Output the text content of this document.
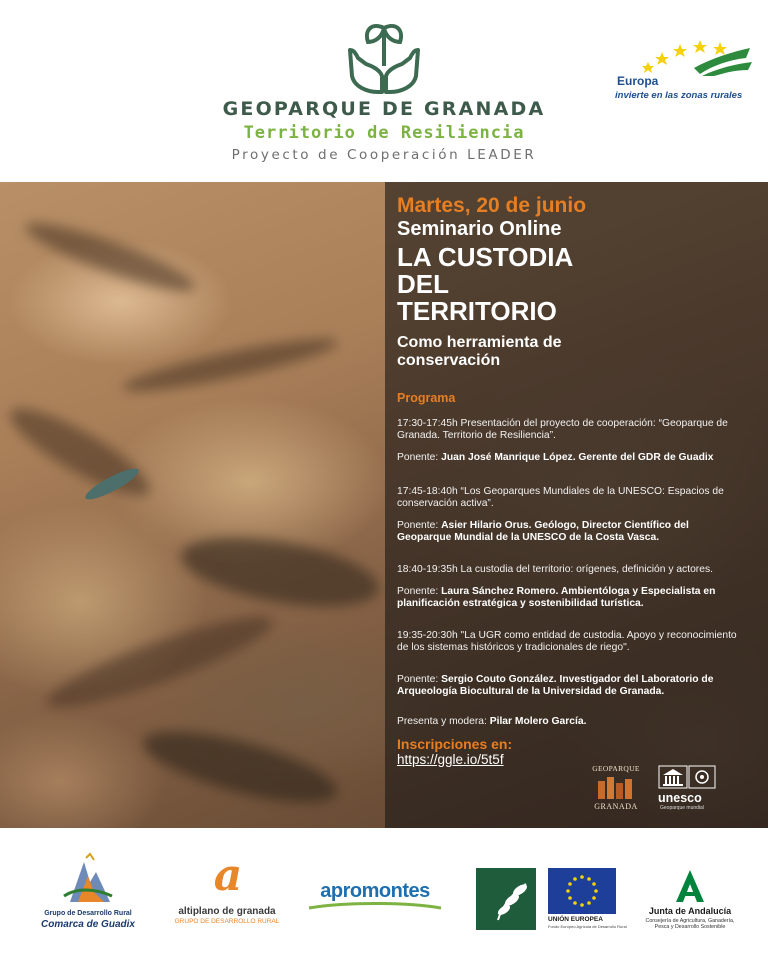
GEOPARQUE DE GRANADA
Territorio de Resiliencia
Proyecto de Cooperación LEADER
Europa
invierte en las zonas rurales
Martes, 20 de junio
Seminario Online
LA CUSTODIA
DEL
TERRITORIO
Como herramienta de conservación
Programa
17:30-17:45h Presentación del proyecto de cooperación: “Geoparque de Granada. Territorio de Resiliencia”.
Ponente: Juan José Manrique López. Gerente del GDR de Guadix
17:45-18:40h “Los Geoparques Mundiales de la UNESCO: Espacios de conservación activa”.
Ponente: Asier Hilario Orus. Geólogo, Director Científico del Geoparque Mundial de la UNESCO de la Costa Vasca.
18:40-19:35h La custodia del territorio: orígenes, definición y actores.
Ponente: Laura Sánchez Romero. Ambientóloga y Especialista en planificación estratégica y sostenibilidad turística.
19:35-20:30h "La UGR como entidad de custodia. Apoyo y reconocimiento de los sistemas históricos y tradicionales de riego".
Ponente: Sergio Couto González. Investigador del Laboratorio de Arqueología Biocultural de la Universidad de Granada.
Presenta y modera: Pilar Molero García.
Inscripciones en:
https://ggle.io/5t5f
GEOPARQUE
GRANADA
unesco
Geoparque mundial
Grupo de Desarrollo Rural
Comarca de Guadix
a
altiplano de granada
GRUPO DE DESARROLLO RURAL
apromontes	LEADER
UNIÓN EUROPEA
Fondo Europeo Agrícola de Desarrollo Rural
Junta de Andalucía
Consejería de Agricultura, Ganadería, Pesca y Desarrollo Sostenible
